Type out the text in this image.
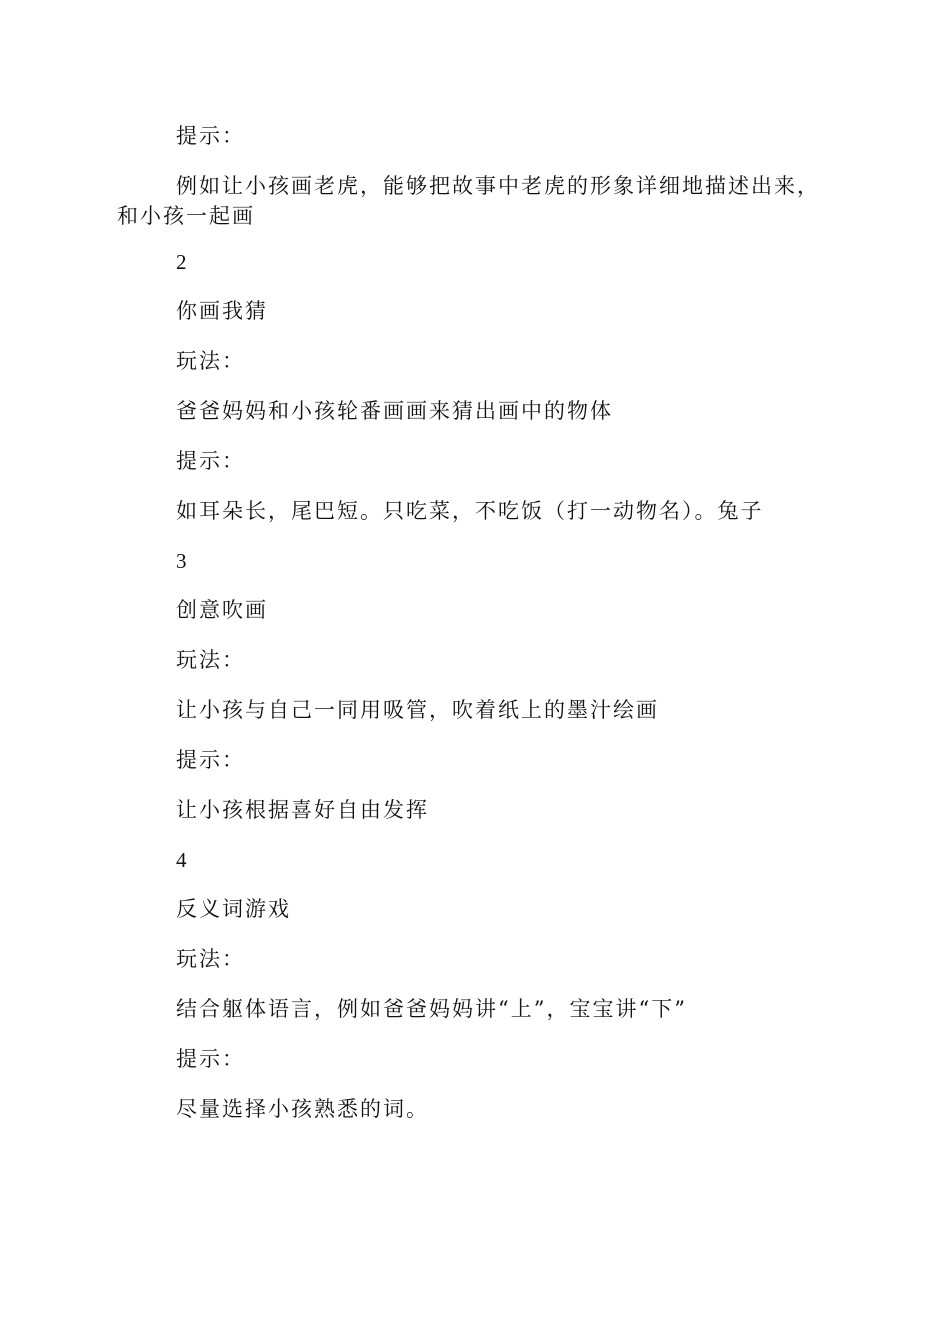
提示：
例如让小孩画老虎，能够把故事中老虎的形象详细地描述出来，和小孩一起画
2
你画我猜
玩法：
爸爸妈妈和小孩轮番画画来猜出画中的物体
提示：
如耳朵长，尾巴短。只吃菜，不吃饭（打一动物名）。兔子
3
创意吹画
玩法：
让小孩与自己一同用吸管，吹着纸上的墨汁绘画
提示：
让小孩根据喜好自由发挥
4
反义词游戏
玩法：
结合躯体语言，例如爸爸妈妈讲“上”，宝宝讲“下”
提示：
尽量选择小孩熟悉的词。
